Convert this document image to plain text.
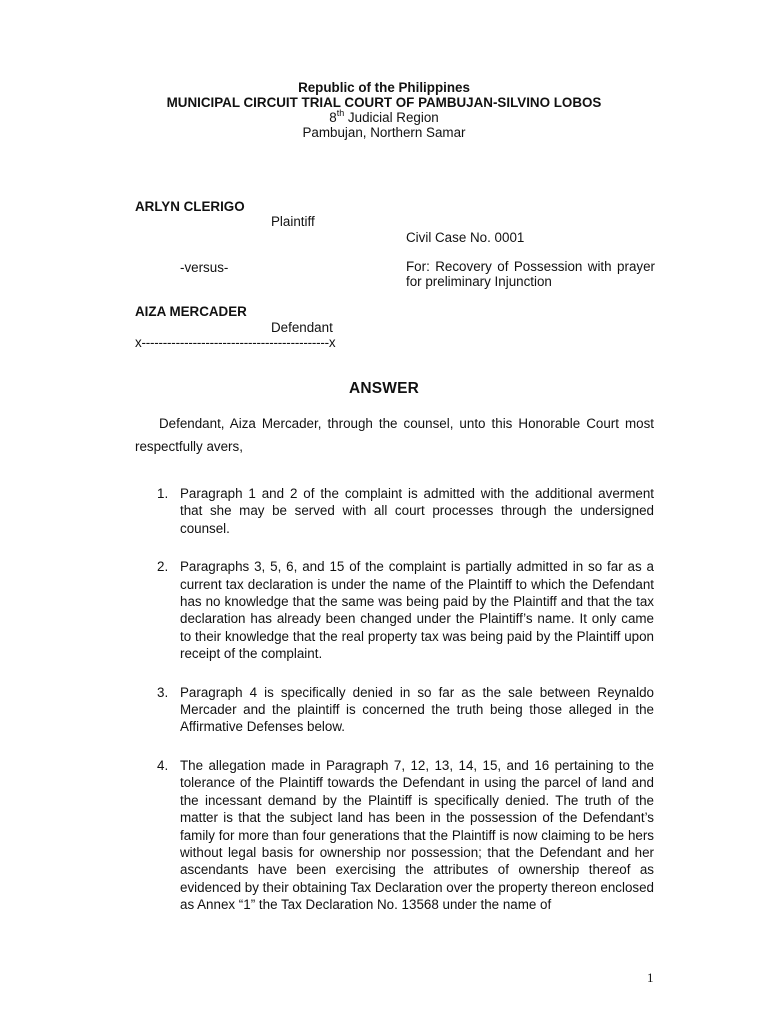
Republic of the Philippines
MUNICIPAL CIRCUIT TRIAL COURT OF PAMBUJAN-SILVINO LOBOS
8th Judicial Region
Pambujan, Northern Samar
ARLYN CLERIGO
Plaintiff
Civil Case No. 0001
-versus-	For: Recovery of Possession with prayer for preliminary Injunction
AIZA MERCADER
Defendant
x--------------------------------------------x
ANSWER
Defendant, Aiza Mercader, through the counsel, unto this Honorable Court most respectfully avers,
1. Paragraph 1 and 2 of the complaint is admitted with the additional averment that she may be served with all court processes through the undersigned counsel.
2. Paragraphs 3, 5, 6, and 15 of the complaint is partially admitted in so far as a current tax declaration is under the name of the Plaintiff to which the Defendant has no knowledge that the same was being paid by the Plaintiff and that the tax declaration has already been changed under the Plaintiff’s name. It only came to their knowledge that the real property tax was being paid by the Plaintiff upon receipt of the complaint.
3. Paragraph 4 is specifically denied in so far as the sale between Reynaldo Mercader and the plaintiff is concerned the truth being those alleged in the Affirmative Defenses below.
4. The allegation made in Paragraph 7, 12, 13, 14, 15, and 16 pertaining to the tolerance of the Plaintiff towards the Defendant in using the parcel of land and the incessant demand by the Plaintiff is specifically denied. The truth of the matter is that the subject land has been in the possession of the Defendant’s family for more than four generations that the Plaintiff is now claiming to be hers without legal basis for ownership nor possession; that the Defendant and her ascendants have been exercising the attributes of ownership thereof as evidenced by their obtaining Tax Declaration over the property thereon enclosed as Annex “1” the Tax Declaration No. 13568 under the name of
1
